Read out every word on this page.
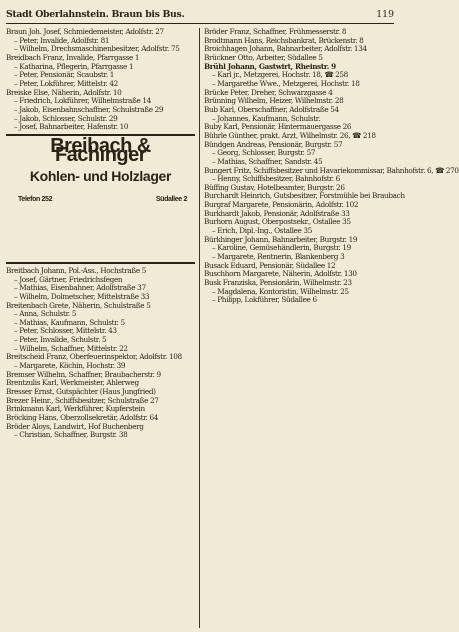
Stadt Oberlahnstein. Braun bis Bus.	119
Braun Joh. Josef, Schmiedemeister, Adolfstr. 27
– Peter, Invalide, Adolfstr. 81
– Wilhelm, Drechsmaschinenbesitzer, Adolfstr. 75
Breidbach Franz, Invalide, Pfarrgasse 1
– Katharina, Pflegerin, Pfarrgasse 1
– Peter, Pensionär, Scaubstr. 1
– Peter, Lokführer, Mittelstr. 42
Breiske Else, Näherin, Adolfstr. 10
– Friedrich, Lokführer, Wilhelmstraße 14
– Jakob, Eisenbahnschaffner, Schulstraße 29
– Jakob, Schlosser, Schulstr. 29
– Josef, Bahnarbeiter, Hafenstr. 10
Breibach & Fachinger
Kohlen- und Holzlager
Telefon 252	Südallee 2
Breitbach Johann, Pol.-Ass., Hochstraße 5
– Josef, Gärtner, Friedrichsfegen
– Mathias, Eisenbahner, Adolfstraße 37
– Wilhelm, Dolmetscher, Mittelstraße 33
Breitenbach Grete, Näherin, Schulstraße 5
– Anna, Schulstr. 5
– Mathias, Kaufmann, Schulstr. 5
– Peter, Schlosser, Mittelstr. 43
– Peter, Invalide, Schulstr. 5
– Wilhelm, Schaffner, Mittelstr. 22
Breitscheid Franz, Oberfeuerinspektor, Adolfstr. 108
– Margarete, Köchin, Hochstr. 39
Bremser Wilhelm, Schaffner, Braubacherstr. 9
Brentzulis Karl, Werkmeister, Ahlerweg
Bresser Ernst, Gutspächter (Haus Jungfried)
Brezer Heinr., Schiffsbesitzer, Schulstraße 27
Brinkmann Karl, Werkführer, Kupferstein
Bröcking Hans, Oberzollsekretär, Adolfstr. 64
Bröder Aloys, Landwirt, Hof Buchenberg
– Christian, Schaffner, Burgstr. 38
Bröder Franz, Schaffner, Frühmesserstr. 8
Brodtmann Hans, Reichsbankrat, Brückenstr. 8
Broichhagen Johann, Bahnarbeiter, Adolfstr. 134
Brückner Otto, Arbeiter, Südallee 5
Brühl Johann, Gastwirt, Rheinstr. 9
– Karl jr., Metzgerei, Hochstr. 18, ☎ 258
– Margarethe Wwe., Metzgerei, Hochstr. 18
Brücke Peter, Dreher, Schwarzgasse 4
Brünning Wilhelm, Heizer, Wilhelmstr. 28
Bub Karl, Oberschaffner, Adolfstraße 54
– Johannes, Kaufmann, Schulstr.
Buby Karl, Pensionär, Hintermauergasse 26
Bührle Günther, prakt. Arzt, Wilhelmstr. 26, ☎ 218
Bündgen Andreas, Pensionär, Burgstr. 57
– Georg, Schlosser, Burgstr. 57
– Mathias, Schaffner, Sandstr. 45
Bungert Fritz, Schiffsbesitzer und Havariekommissar, Bahnhofstr. 6, ☎ 270
– Henny, Schiffsbesitzer, Bahnhofstr. 6
Büffing Gustav, Hotelbeamter, Burgstr. 26
Burchardt Heinrich, Gutsbesitzer, Forstmühle bei Braubach
Burgraf Margarete, Pensionärin, Adolfstr. 102
Burkhardt Jakob, Pensionär, Adolfstraße 33
Burhorn August, Oberpostsekr., Ostallee 35
– Erich, Dipl.-Ing., Ostallee 35
Bürkhinger Johann, Bahnarbeiter, Burgstr. 19
– Karoline, Gemüsehändlerin, Burgstr. 19
– Margarete, Rentnerin, Blankenberg 3
Busack Eduard, Pensionär, Südallee 12
Buschhorn Margarete, Näherin, Adolfstr. 130
Busk Franziska, Pensionärin, Wilhelmstr. 23
– Magdalena, Kontoristin, Wilhelmstr. 25
– Philipp, Lokführer, Südallee 6
